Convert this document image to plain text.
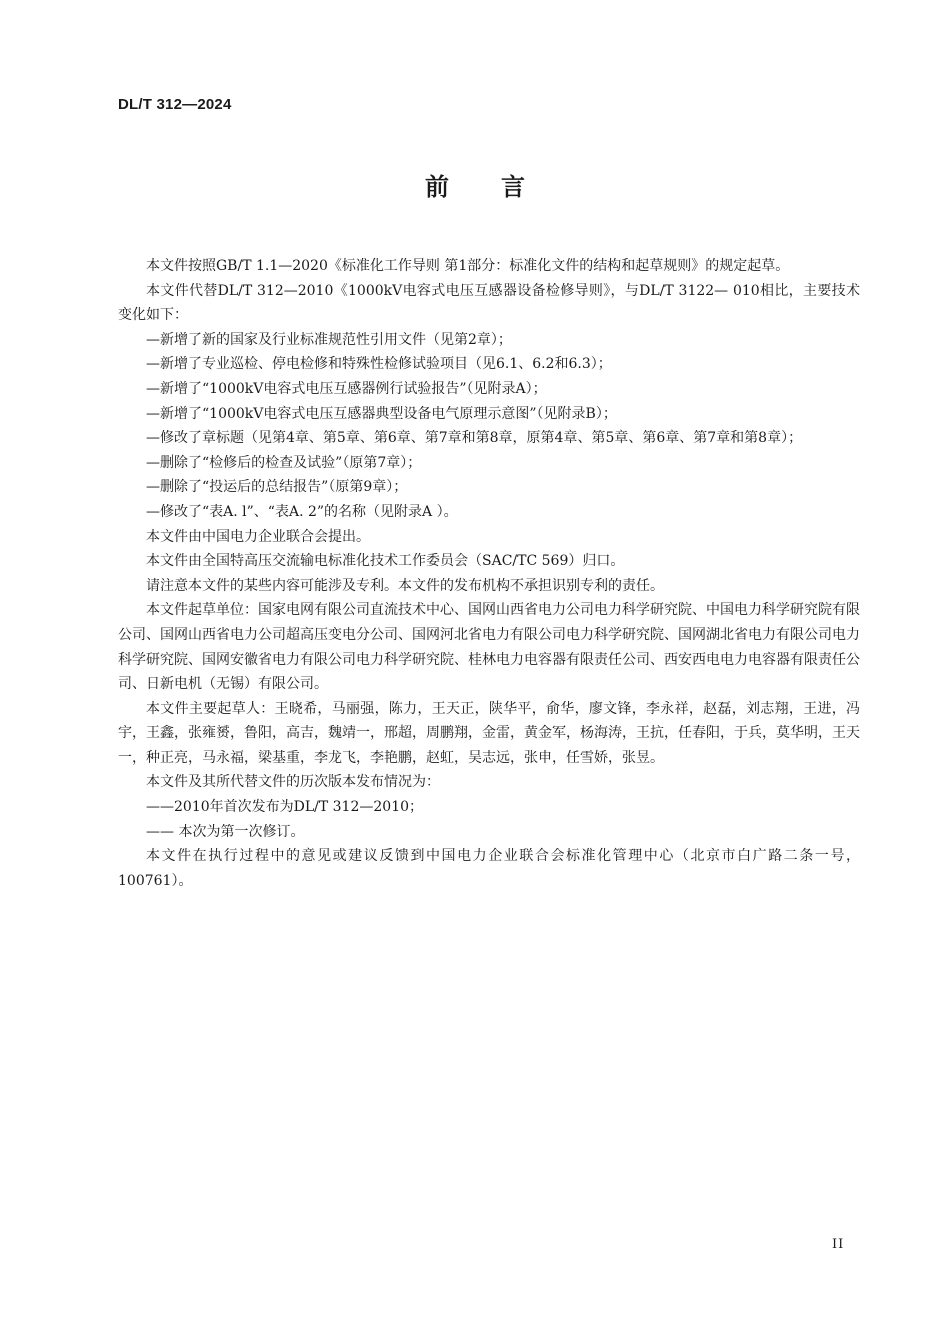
DL/T 312—2024
前言

本文件按照GB/T 1.1—2020《标准化工作导则 第1部分：标准化文件的结构和起草规则》的规定起草。

本文件代替DL/T 312—2010《1000kV电容式电压互感器设备检修导则》，与DL/T 3122— 010相比，主要技术变化如下：

—新增了新的国家及行业标准规范性引用文件（见第2章）；

—新增了专业巡检、停电检修和特殊性检修试验项目（见6.1、6.2和6.3）；

—新增了“1000kV电容式电压互感器例行试验报告”（见附录A）；

—新增了“1000kV电容式电压互感器典型设备电气原理示意图”（见附录B）；

—修改了章标题（见第4章、第5章、第6章、第7章和第8章，原第4章、第5章、第6章、第7章和第8章）；

—删除了“检修后的检查及试验”（原第7章）；

—删除了“投运后的总结报告”（原第9章）；

—修改了“表A. l”、“表A. 2”的名称（见附录A ）。

本文件由中国电力企业联合会提出。

本文件由全国特高压交流输电标准化技术工作委员会（SAC/TC 569）归口。

请注意本文件的某些内容可能涉及专利。本文件的发布机构不承担识别专利的责任。

本文件起草单位：国家电网有限公司直流技术中心、国网山西省电力公司电力科学研究院、中国电力科学研究院有限公司、国网山西省电力公司超高压变电分公司、国网河北省电力有限公司电力科学研究院、国网湖北省电力有限公司电力科学研究院、国网安徽省电力有限公司电力科学研究院、桂林电力电容器有限责任公司、西安西电电力电容器有限责任公司、日新电机（无锡）有限公司。

本文件主要起草人：王晓希，马丽强，陈力，王天正，陕华平，俞华，廖文锋，李永祥，赵磊，刘志翔，王进，冯宇，王鑫，张雍赟，鲁阳，高吉，魏靖一，邢超，周鹏翔，金雷，黄金军，杨海涛，王抗，任春阳，于兵，莫华明，王天一，种正亮，马永福，梁基重，李龙飞，李艳鹏，赵虹，吴志远，张申，任雪娇，张昱。

本文件及其所代替文件的历次版本发布情况为：

——2010年首次发布为DL/T 312—2010；

—— 本次为第一次修订。

本文件在执行过程中的意见或建议反馈到中国电力企业联合会标准化管理中心（北京市白广路二条一号，100761）。

II
